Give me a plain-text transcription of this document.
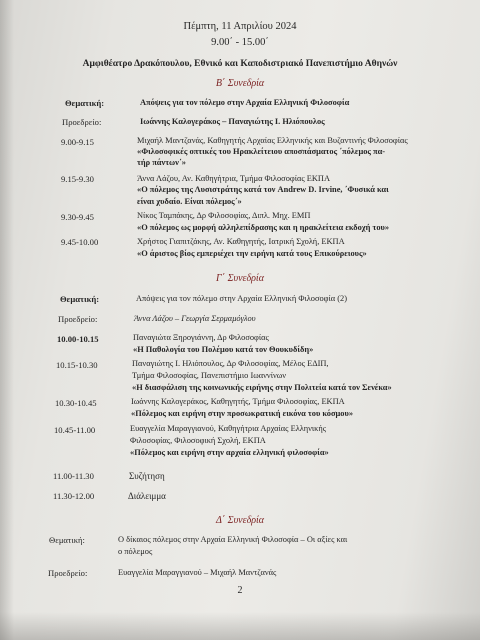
Πέμπτη, 11 Απριλίου 2024
9.00΄ - 15.00΄
Αμφιθέατρο Δρακόπουλου, Εθνικό και Καποδιστριακό Πανεπιστήμιο Αθηνών
Β΄ Συνεδρία
Θεματική:	Απόψεις για τον πόλεμο στην Αρχαία Ελληνική Φιλοσοφία
Προεδρείο:	Ιωάννης Καλογεράκος – Παναγιώτης Ι. Ηλιόπουλος
9.00-9.15	Μιχαήλ Μαντζανάς, Καθηγητής Αρχαίας Ελληνικής και Βυζαντινής Φιλοσοφίας
«Φιλοσοφικές οπτικές του Ηρακλείτειου αποσπάσματος ΄πόλεμος πα-
τήρ πάντων΄»
9.15-9.30	Άννα Λάζου, Αν. Καθηγήτρια, Τμήμα Φιλοσοφίας ΕΚΠΑ
«Ο πόλεμος της Λυσιστράτης κατά τον Andrew D. Irvine, ΄Φυσικά και
είναι χυδαίο. Είναι πόλεμος΄»
9.30-9.45	Νίκος Ταμπάκης, Δρ Φιλοσοφίας, Διπλ. Μηχ. ΕΜΠ
«Ο πόλεμος ως μορφή αλληλεπίδρασης και η ηρακλείτεια εκδοχή του»
9.45-10.00	Χρήστος Γιαπιτζάκης, Αν. Καθηγητής, Ιατρική Σχολή, ΕΚΠΑ
«Ο άριστος βίος εμπεριέχει την ειρήνη κατά τους Επικούρειους»
Γ΄ Συνεδρία
Θεματική:	Απόψεις για τον πόλεμο στην Αρχαία Ελληνική Φιλοσοφία (2)
Προεδρείο:	Άννα Λάζου – Γεωργία Σερμαμόγλου
10.00-10.15	Παναγιώτα Ξηρογιάννη, Δρ Φιλοσοφίας
«Η Παθολογία του Πολέμου κατά τον Θουκυδίδη»
10.15-10.30	Παναγιώτης Ι. Ηλιόπουλος, Δρ Φιλοσοφίας, Μέλος ΕΔΙΠ,
Τμήμα Φιλοσοφίας, Πανεπιστήμιο Ιωαννίνων
«Η διασφάλιση της κοινωνικής ειρήνης στην Πολιτεία κατά τον Σενέκα»
10.30-10.45	Ιωάννης Καλογεράκος, Καθηγητής, Τμήμα Φιλοσοφίας, ΕΚΠΑ
«Πόλεμος και ειρήνη στην προσωκρατική εικόνα του κόσμου»
10.45-11.00	Ευαγγελία Μαραγγιανού, Καθηγήτρια Αρχαίας Ελληνικής
Φιλοσοφίας, Φιλοσοφική Σχολή, ΕΚΠΑ
«Πόλεμος και ειρήνη στην αρχαία ελληνική φιλοσοφία»
11.00-11.30	Συζήτηση
11.30-12.00	Διάλειμμα
Δ΄ Συνεδρία
Θεματική:	Ο δίκαιος πόλεμος στην Αρχαία Ελληνική Φιλοσοφία – Οι αξίες και
ο πόλεμος
Προεδρείο:	Ευαγγελία Μαραγγιανού – Μιχαήλ Μαντζανάς
2
